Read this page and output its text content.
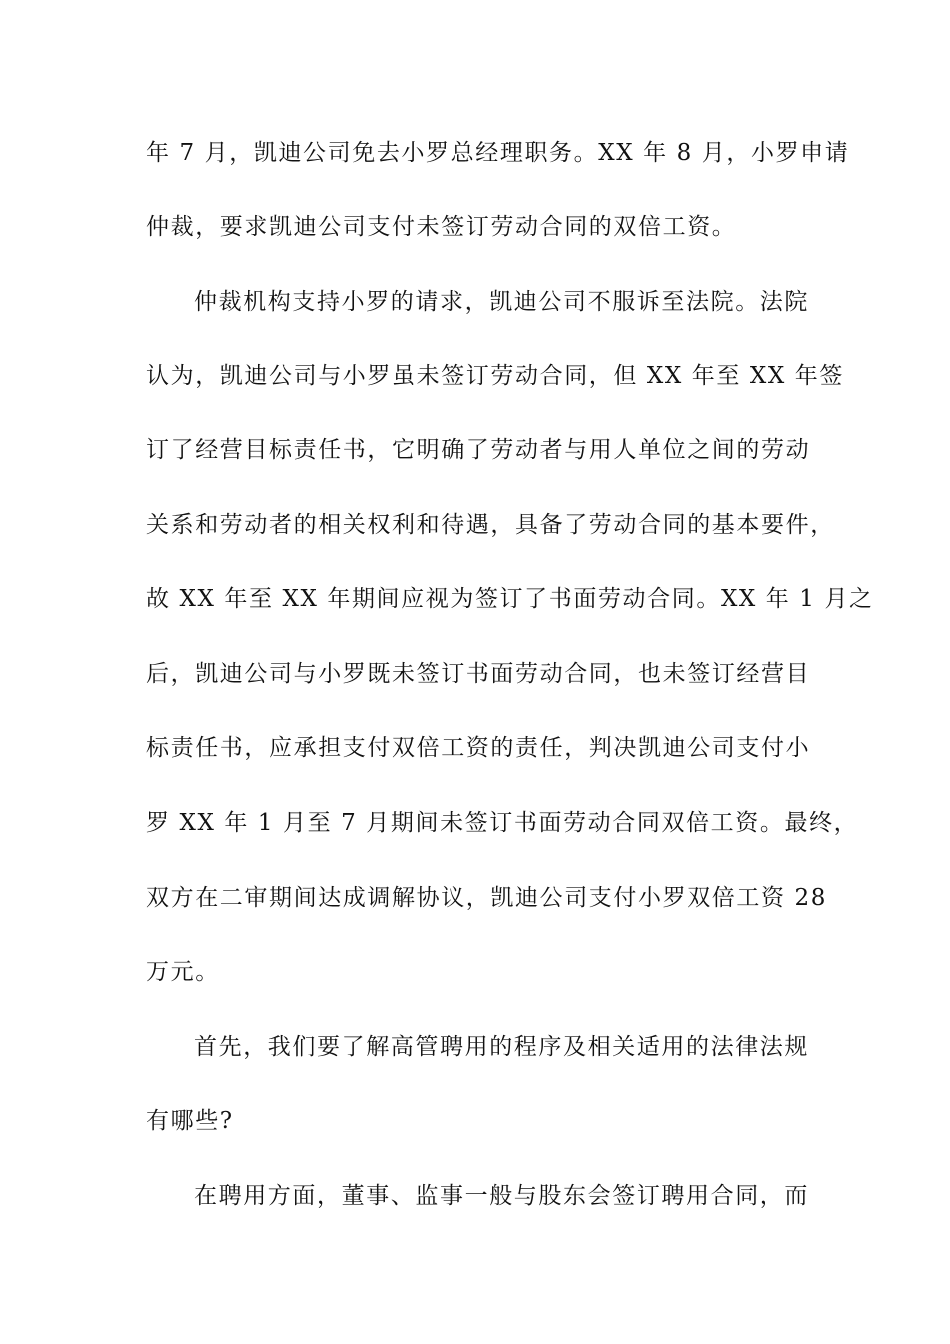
年 7 月，凯迪公司免去小罗总经理职务。XX 年 8 月，小罗申请
仲裁，要求凯迪公司支付未签订劳动合同的双倍工资。
仲裁机构支持小罗的请求，凯迪公司不服诉至法院。法院
认为，凯迪公司与小罗虽未签订劳动合同，但 XX 年至 XX 年签
订了经营目标责任书，它明确了劳动者与用人单位之间的劳动
关系和劳动者的相关权利和待遇，具备了劳动合同的基本要件，
故 XX 年至 XX 年期间应视为签订了书面劳动合同。XX 年 1 月之
后，凯迪公司与小罗既未签订书面劳动合同，也未签订经营目
标责任书，应承担支付双倍工资的责任，判决凯迪公司支付小
罗 XX 年 1 月至 7 月期间未签订书面劳动合同双倍工资。最终，
双方在二审期间达成调解协议，凯迪公司支付小罗双倍工资 28
万元。
首先，我们要了解高管聘用的程序及相关适用的法律法规
有哪些?
在聘用方面，董事、监事一般与股东会签订聘用合同，而
